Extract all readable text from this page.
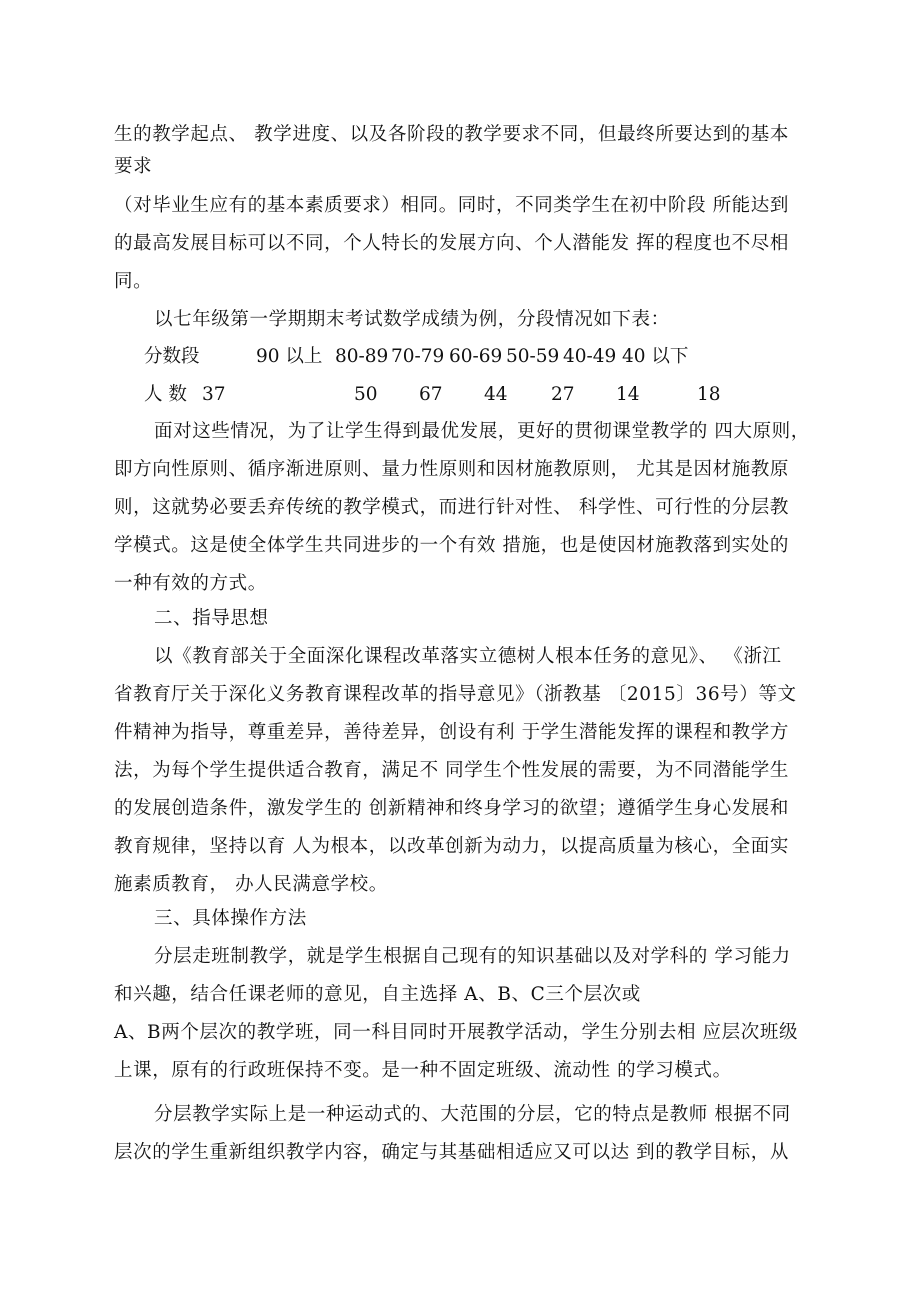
生的教学起点、 教学进度、以及各阶段的教学要求不同，但最终所要达到的基本
要求
（对毕业生应有的基本素质要求）相同。同时，不同类学生在初中阶段 所能达到
的最高发展目标可以不同，个人特长的发展方向、个人潜能发 挥的程度也不尽相
同。
以七年级第一学期期末考试数学成绩为例，分段情况如下表：
分数段	90 以上 80-89 70-79 60-69 50-59 40-49 40 以下
人 数 37	50 67 44 27 14	18
面对这些情况，为了让学生得到最优发展，更好的贯彻课堂教学的 四大原则，
即方向性原则、循序渐进原则、量力性原则和因材施教原则， 尤其是因材施教原
则，这就势必要丢弃传统的教学模式，而进行针对性、 科学性、可行性的分层教
学模式。这是使全体学生共同进步的一个有效 措施，也是使因材施教落到实处的
一种有效的方式。
二、指导思想
以《教育部关于全面深化课程改革落实立德树人根本任务的意见》、 《浙江
省教育厅关于深化义务教育课程改革的指导意见》（浙教基 〔2015〕36号）等文
件精神为指导，尊重差异，善待差异，创设有利 于学生潜能发挥的课程和教学方
法，为每个学生提供适合教育，满足不 同学生个性发展的需要，为不同潜能学生
的发展创造条件，激发学生的 创新精神和终身学习的欲望；遵循学生身心发展和
教育规律，坚持以育 人为根本，以改革创新为动力，以提高质量为核心，全面实
施素质教育， 办人民满意学校。
三、具体操作方法
分层走班制教学，就是学生根据自己现有的知识基础以及对学科的 学习能力
和兴趣，结合任课老师的意见，自主选择 A、B、C三个层次或
A、B两个层次的教学班，同一科目同时开展教学活动，学生分别去相 应层次班级
上课，原有的行政班保持不变。是一种不固定班级、流动性 的学习模式。
分层教学实际上是一种运动式的、大范围的分层，它的特点是教师 根据不同
层次的学生重新组织教学内容，确定与其基础相适应又可以达 到的教学目标，从
